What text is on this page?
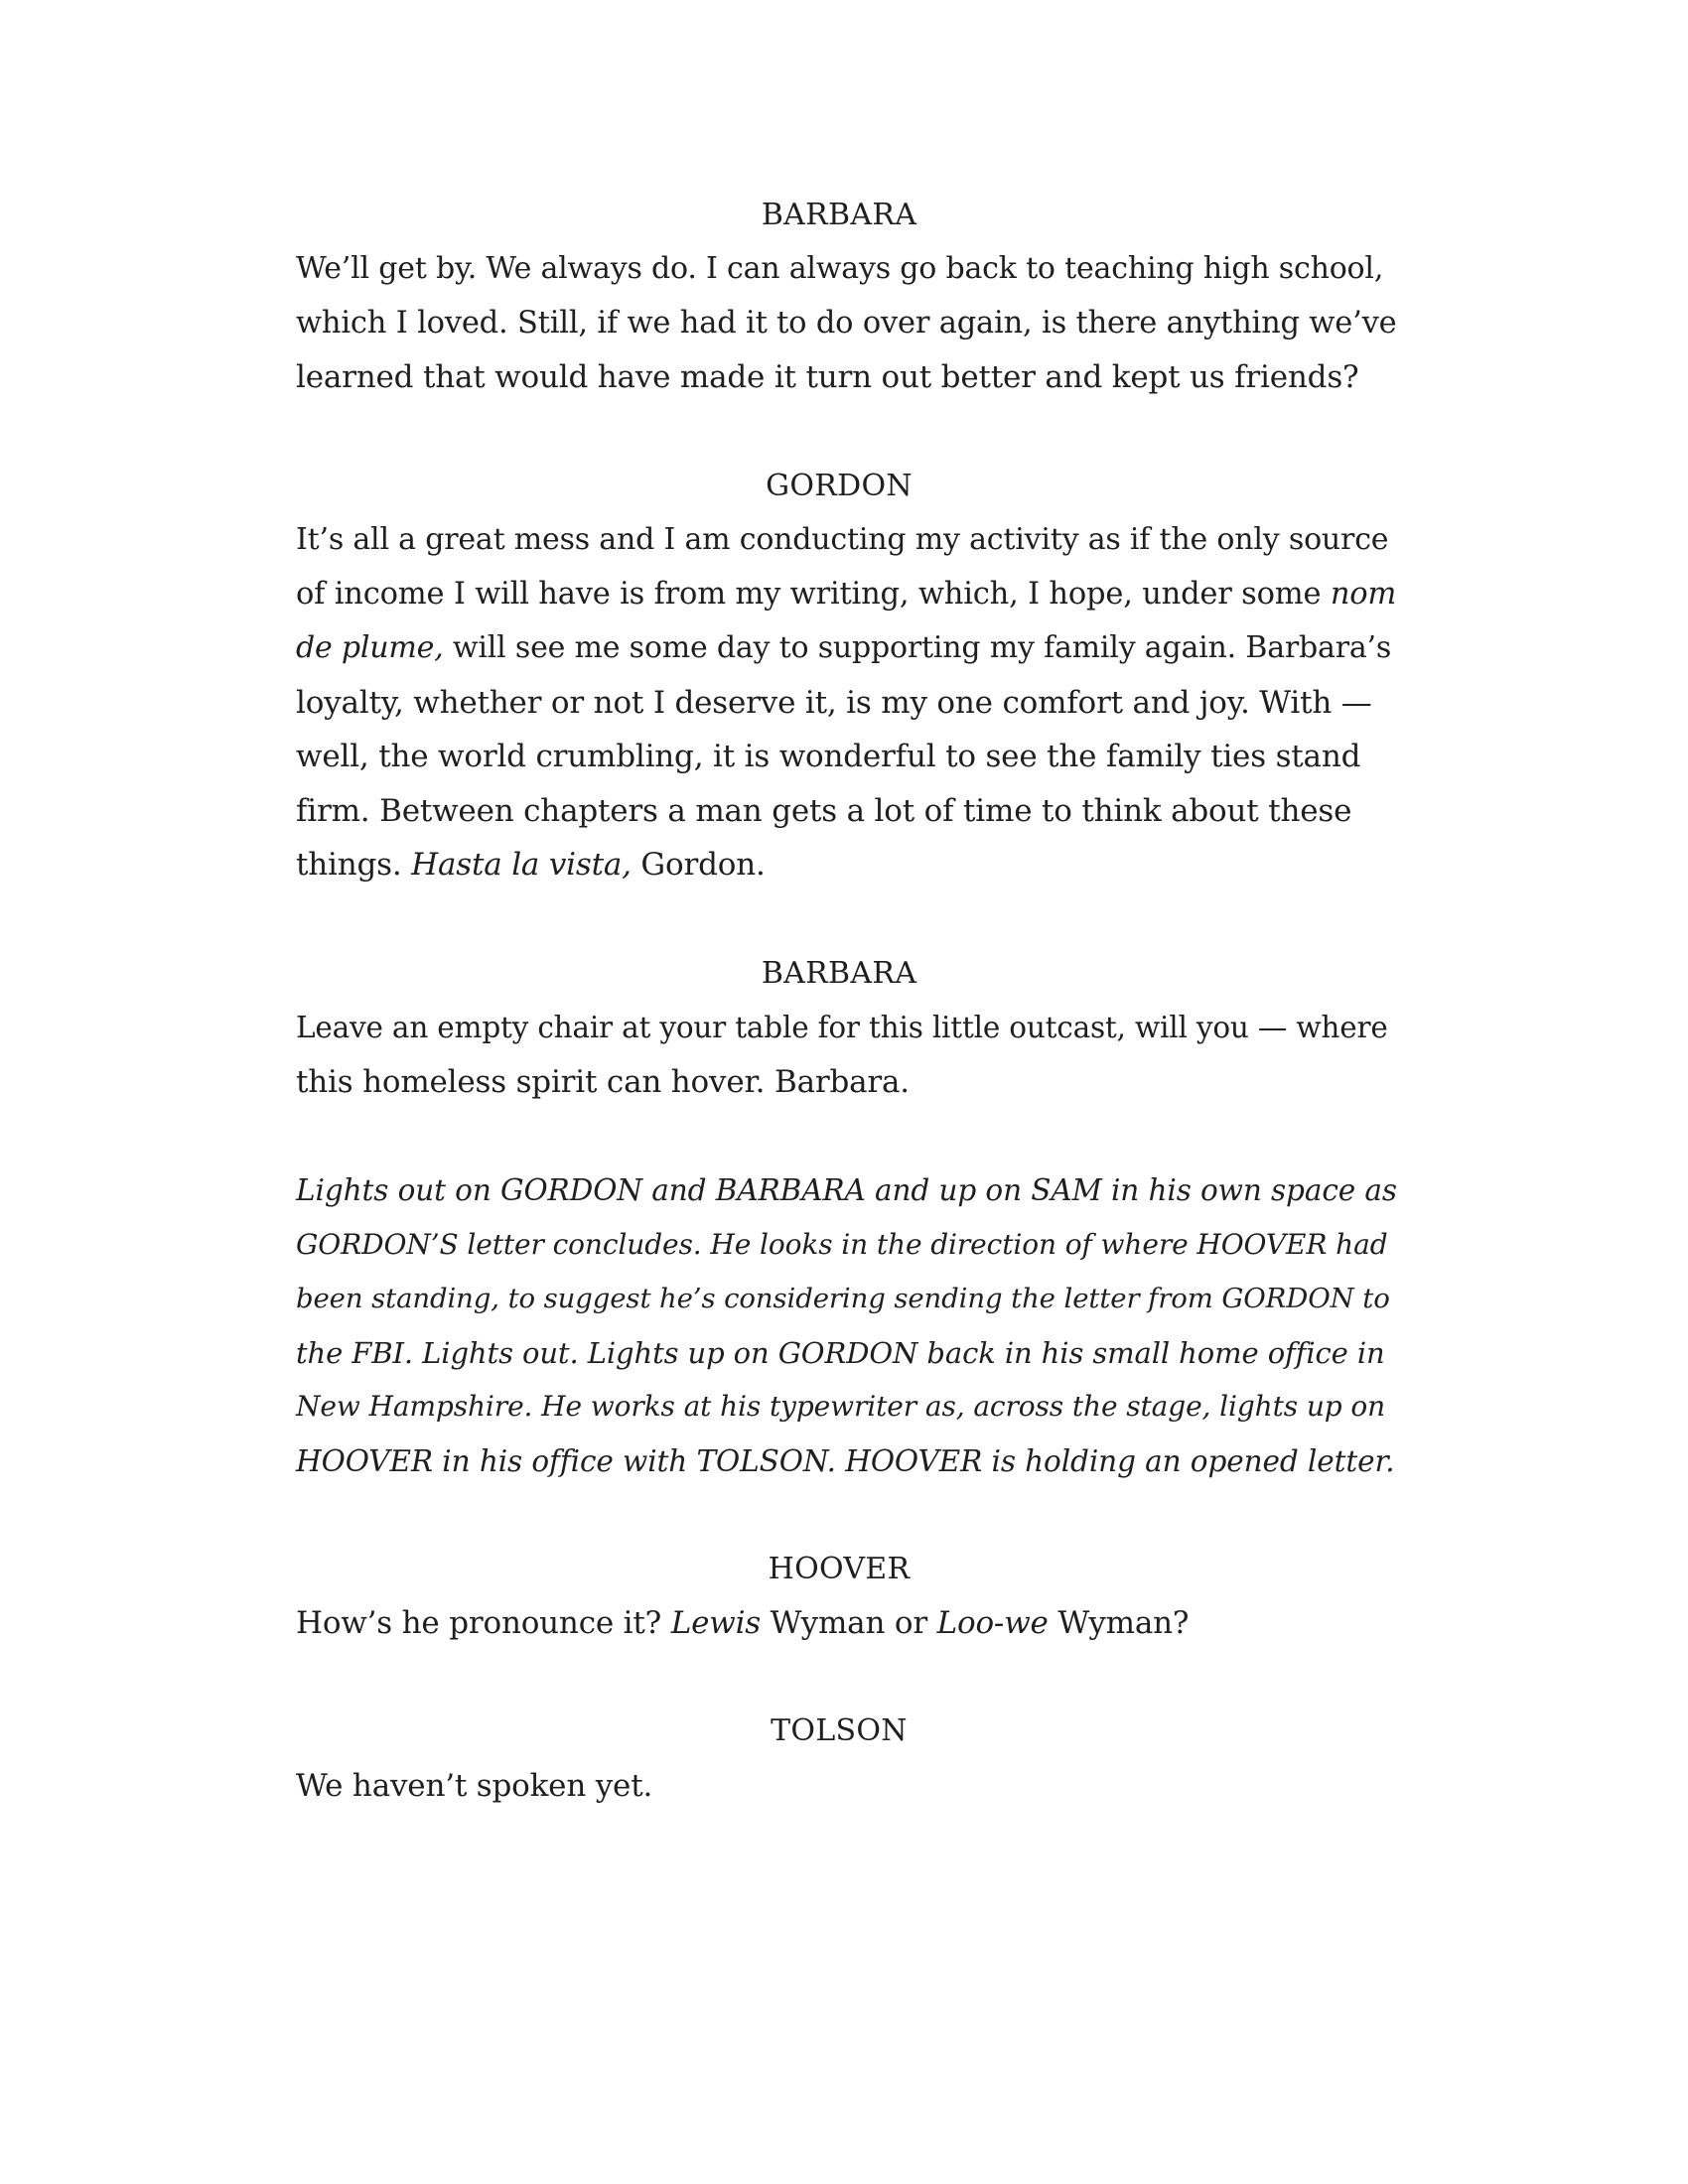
BARBARA
We’ll get by. We always do. I can always go back to teaching high school,
which I loved. Still, if we had it to do over again, is there anything we’ve
learned that would have made it turn out better and kept us friends?
GORDON
It’s all a great mess and I am conducting my activity as if the only source
of income I will have is from my writing, which, I hope, under some nom
de plume, will see me some day to supporting my family again. Barbara’s
loyalty, whether or not I deserve it, is my one comfort and joy. With —
well, the world crumbling, it is wonderful to see the family ties stand
firm. Between chapters a man gets a lot of time to think about these
things. Hasta la vista, Gordon.
BARBARA
Leave an empty chair at your table for this little outcast, will you — where
this homeless spirit can hover. Barbara.
Lights out on GORDON and BARBARA and up on SAM in his own space as
GORDON’S letter concludes. He looks in the direction of where HOOVER had
been standing, to suggest he’s considering sending the letter from GORDON to
the FBI. Lights out. Lights up on GORDON back in his small home office in
New Hampshire. He works at his typewriter as, across the stage, lights up on
HOOVER in his office with TOLSON. HOOVER is holding an opened letter.
HOOVER
How’s he pronounce it? Lewis Wyman or Loo-we Wyman?
TOLSON
We haven’t spoken yet.
